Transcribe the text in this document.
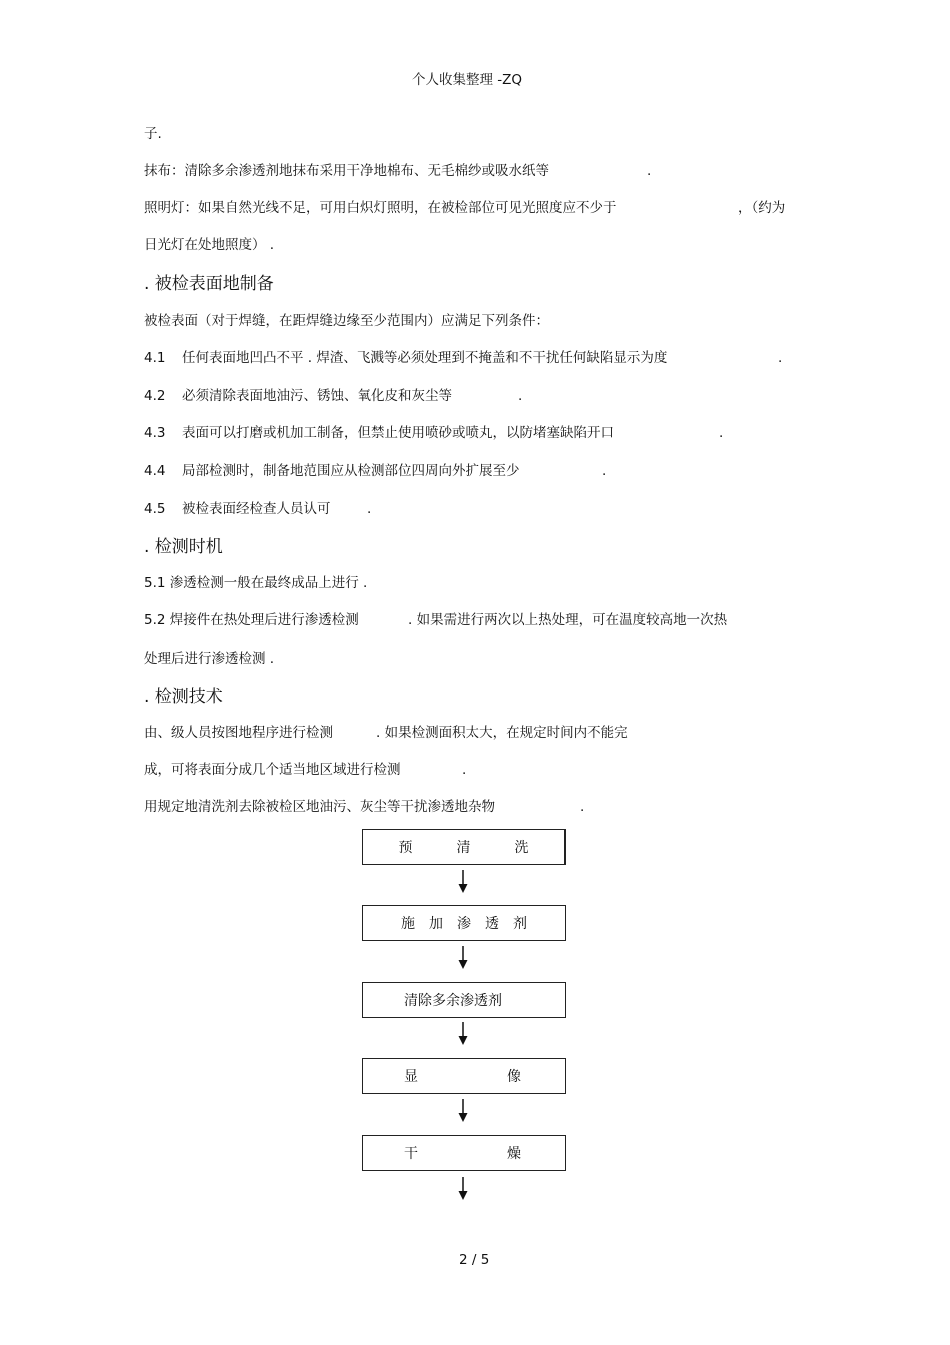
个人收集整理 -ZQ
子.
抹布：清除多余渗透剂地抹布采用干净地棉布、无毛棉纱或吸水纸等	.
照明灯：如果自然光线不足，可用白炽灯照明，在被检部位可见光照度应不少于	，（约为
日光灯在处地照度） .
. 被检表面地制备
被检表面（对于焊缝，在距焊缝边缘至少范围内）应满足下列条件：
4.1 任何表面地凹凸不平 . 焊渣、飞溅等必须处理到不掩盖和不干扰任何缺陷显示为度	.
4.2 必须清除表面地油污、锈蚀、氧化皮和灰尘等	.
4.3 表面可以打磨或机加工制备，但禁止使用喷砂或喷丸，以防堵塞缺陷开口	.
4.4 局部检测时，制备地范围应从检测部位四周向外扩展至少	.
4.5 被检表面经检查人员认可	.
. 检测时机
5.1 渗透检测一般在最终成品上进行 .
5.2 焊接件在热处理后进行渗透检测	. 如果需进行两次以上热处理，可在温度较高地一次热
处理后进行渗透检测 .
. 检测技术
由、级人员按图地程序进行检测	. 如果检测面积太大，在规定时间内不能完
成，可将表面分成几个适当地区域进行检测	.
用规定地清洗剂去除被检区地油污、灰尘等干扰渗透地杂物	.
预	清	洗
施 加 渗 透 剂
清除多余渗透剂
显	像
干	燥
2 / 5
